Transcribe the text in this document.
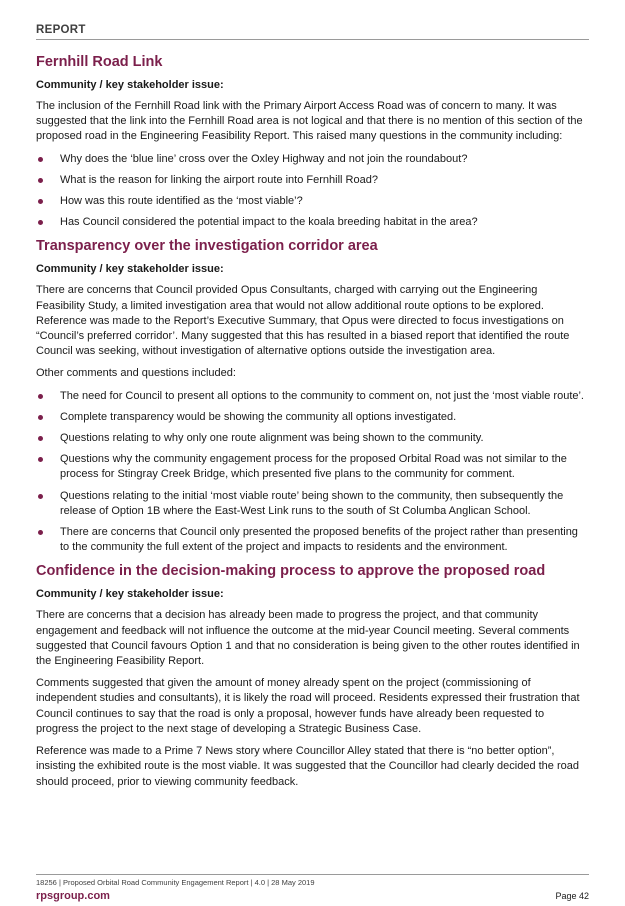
REPORT
Fernhill Road Link
Community / key stakeholder issue:

The inclusion of the Fernhill Road link with the Primary Airport Access Road was of concern to many. It was suggested that the link into the Fernhill Road area is not logical and that there is no mention of this section of the proposed road in the Engineering Feasibility Report. This raised many questions in the community including:

Why does the ‘blue line’ cross over the Oxley Highway and not join the roundabout?
What is the reason for linking the airport route into Fernhill Road?
How was this route identified as the ‘most viable’?
Has Council considered the potential impact to the koala breeding habitat in the area?
Transparency over the investigation corridor area
Community / key stakeholder issue:

There are concerns that Council provided Opus Consultants, charged with carrying out the Engineering Feasibility Study, a limited investigation area that would not allow additional route options to be explored. Reference was made to the Report’s Executive Summary, that Opus were directed to focus investigations on “Council’s preferred corridor’. Many suggested that this has resulted in a biased report that identified the route Council was seeking, without investigation of alternative options outside the investigation area.

Other comments and questions included:

The need for Council to present all options to the community to comment on, not just the ‘most viable route’.
Complete transparency would be showing the community all options investigated.
Questions relating to why only one route alignment was being shown to the community.
Questions why the community engagement process for the proposed Orbital Road was not similar to the process for Stingray Creek Bridge, which presented five plans to the community for comment.
Questions relating to the initial ‘most viable route’ being shown to the community, then subsequently the release of Option 1B where the East-West Link runs to the south of St Columba Anglican School.
There are concerns that Council only presented the proposed benefits of the project rather than presenting to the community the full extent of the project and impacts to residents and the environment.
Confidence in the decision-making process to approve the proposed road
Community / key stakeholder issue:

There are concerns that a decision has already been made to progress the project, and that community engagement and feedback will not influence the outcome at the mid-year Council meeting. Several comments suggested that Council favours Option 1 and that no consideration is being given to the other routes identified in the Engineering Feasibility Report.

Comments suggested that given the amount of money already spent on the project (commissioning of independent studies and consultants), it is likely the road will proceed. Residents expressed their frustration that Council continues to say that the road is only a proposal, however funds have already been requested to progress the project to the next stage of developing a Strategic Business Case.

Reference was made to a Prime 7 News story where Councillor Alley stated that there is “no better option”, insisting the exhibited route is the most viable. It was suggested that the Councillor had clearly decided the road should proceed, prior to viewing community feedback.

18256 | Proposed Orbital Road Community Engagement Report | 4.0 | 28 May 2019
rpsgroup.com	Page 42
